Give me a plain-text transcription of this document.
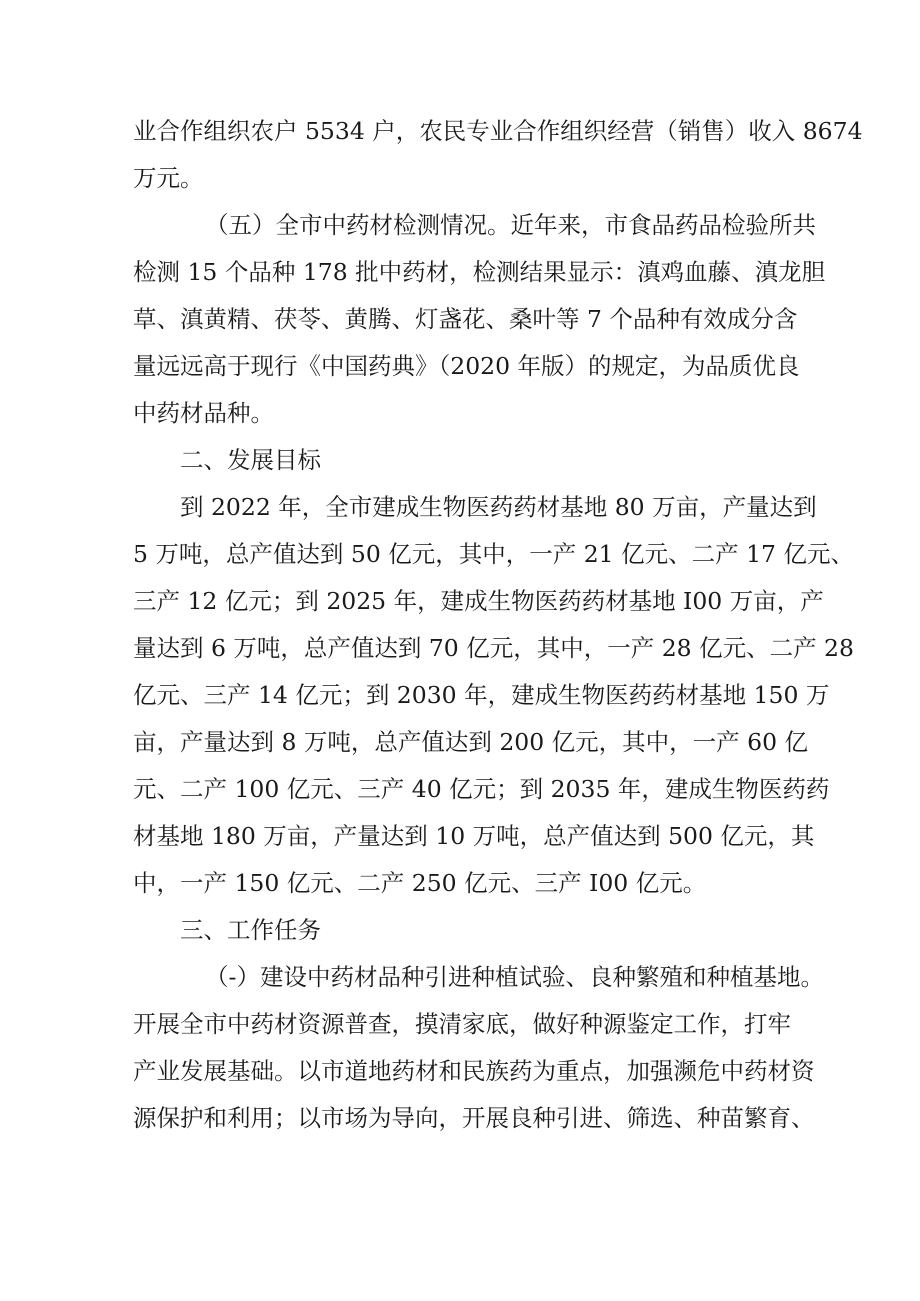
业合作组织农户 5534 户，农民专业合作组织经营（销售）收入 8674

万元。

（五）全市中药材检测情况。近年来，市食品药品检验所共

检测 15 个品种 178 批中药材，检测结果显示：滇鸡血藤、滇龙胆

草、滇黄精、茯苓、黄腾、灯盏花、桑叶等 7 个品种有效成分含

量远远高于现行《中国药典》（2020 年版）的规定，为品质优良

中药材品种。

二、发展目标

到 2022 年，全市建成生物医药药材基地 80 万亩，产量达到

5 万吨，总产值达到 50 亿元，其中，一产 21 亿元、二产 17 亿元、

三产 12 亿元；到 2025 年，建成生物医药药材基地 I00 万亩，产

量达到 6 万吨，总产值达到 70 亿元，其中，一产 28 亿元、二产 28

亿元、三产 14 亿元；到 2030 年，建成生物医药药材基地 150 万

亩，产量达到 8 万吨，总产值达到 200 亿元，其中，一产 60 亿

元、二产 100 亿元、三产 40 亿元；到 2035 年，建成生物医药药

材基地 180 万亩，产量达到 10 万吨，总产值达到 500 亿元，其

中，一产 150 亿元、二产 250 亿元、三产 I00 亿元。

三、工作任务

（-）建设中药材品种引进种植试验、良种繁殖和种植基地。

开展全市中药材资源普查，摸清家底，做好种源鉴定工作，打牢

产业发展基础。以市道地药材和民族药为重点，加强濒危中药材资

源保护和利用；以市场为导向，开展良种引进、筛选、种苗繁育、
